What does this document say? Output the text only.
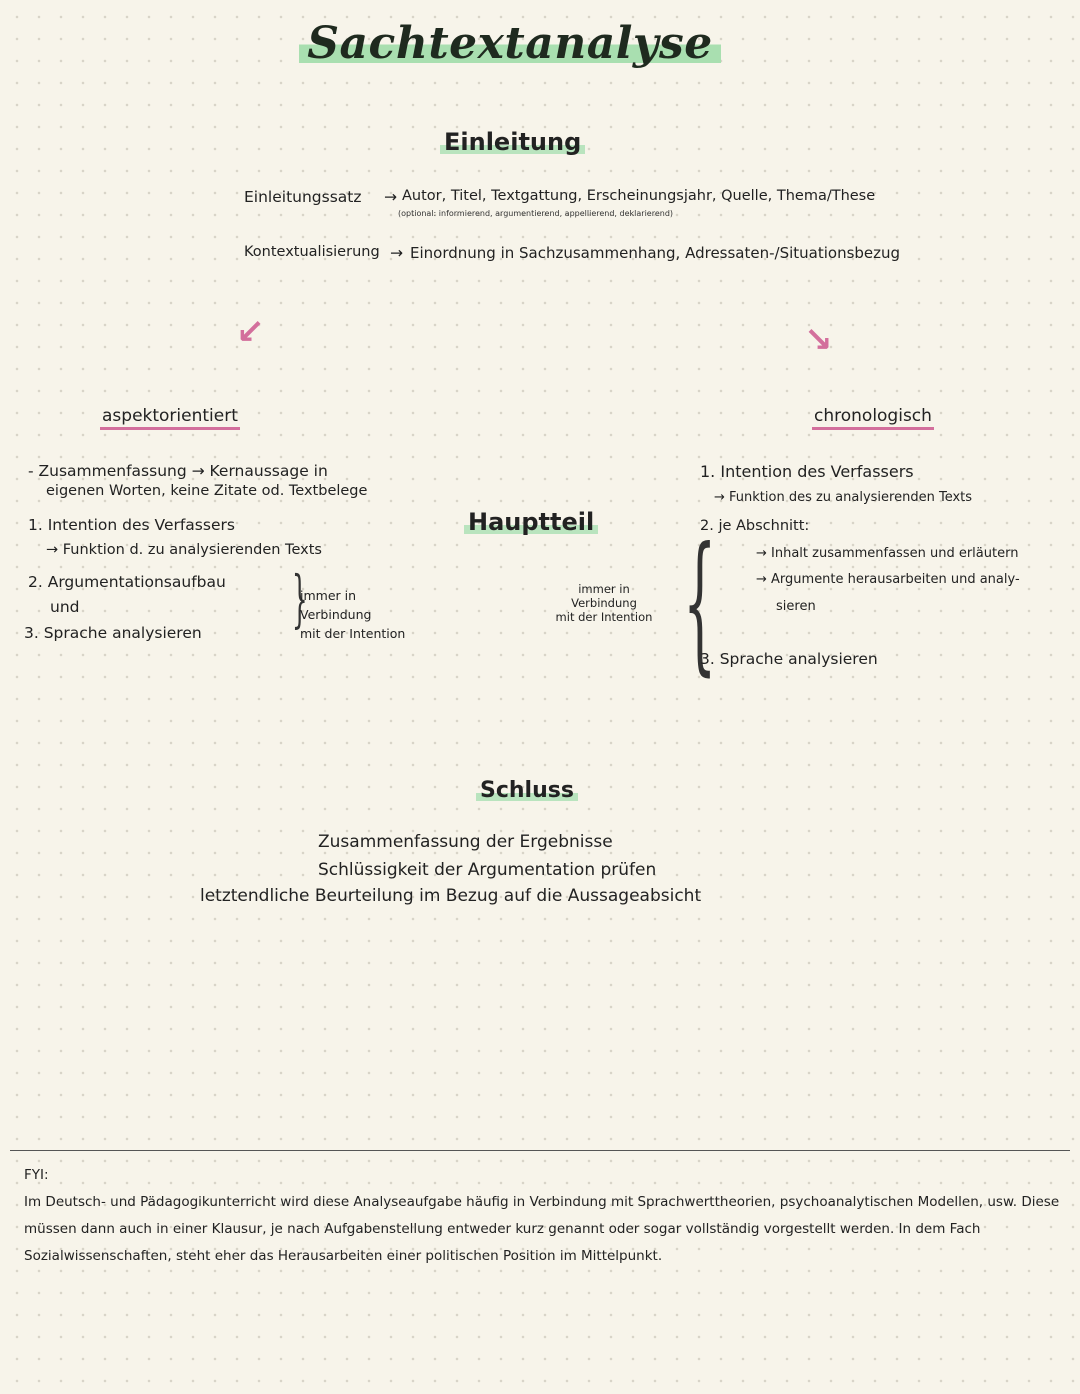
Sachtextanalyse
Einleitung
Einleitungssatz → Autor, Titel, Textgattung, Erscheinungsjahr, Quelle, Thema/These
(optional: informierend, argumentierend, appellierend, deklarierend)
Kontextualisierung → Einordnung in Sachzusammenhang, Adressaten-/Situationsbezug
↙	↘
aspektorientiert
- Zusammenfassung → Kernaussage in
eigenen Worten, keine Zitate od. Textbelege
1. Intention des Verfassers
→ Funktion d. zu analysierenden Texts
2. Argumentationsaufbau
und
3. Sprache analysieren }
immer in
Verbindung
mit der Intention
Hauptteil
immer in
Verbindung
mit der Intention {
chronologisch
1. Intention des Verfassers
→ Funktion des zu analysierenden Texts
2. je Abschnitt:
→ Inhalt zusammenfassen und erläutern
→ Argumente herausarbeiten und analy-
sieren
3. Sprache analysieren
Schluss
Zusammenfassung der Ergebnisse
Schlüssigkeit der Argumentation prüfen
letztendliche Beurteilung im Bezug auf die Aussageabsicht
FYI:
Im Deutsch- und Pädagogikunterricht wird diese Analyseaufgabe häufig in Verbindung mit Sprachwerttheorien, psychoanalytischen Modellen, usw. Diese müssen dann auch in einer Klausur, je nach Aufgabenstellung entweder kurz genannt oder sogar vollständig vorgestellt werden. In dem Fach Sozialwissenschaften, steht eher das Herausarbeiten einer politischen Position im Mittelpunkt.
